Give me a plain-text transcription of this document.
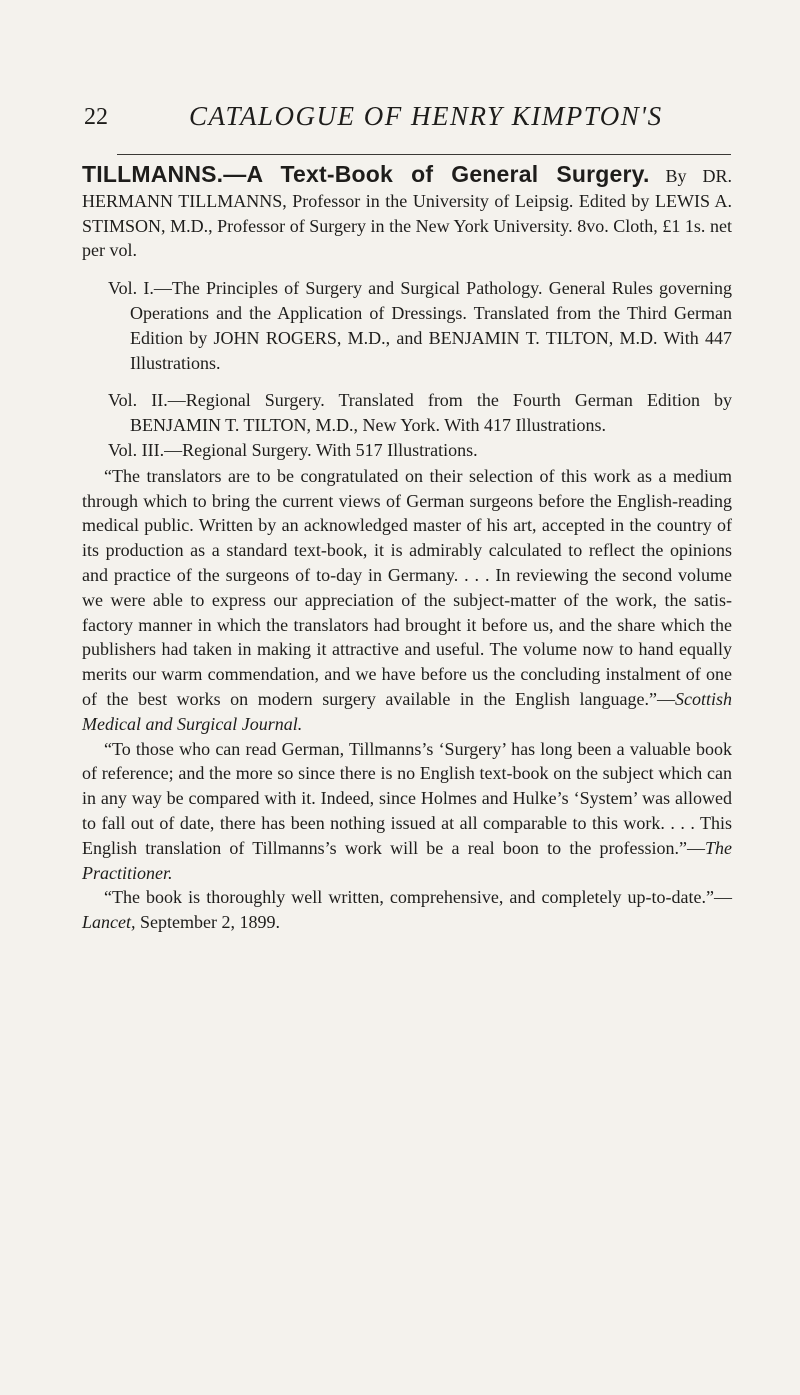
22	CATALOGUE OF HENRY KIMPTON'S

TILLMANNS.—A Text-Book of General Surgery. By DR. HERMANN TILLMANNS, Professor in the University of Leipsig. Edited by LEWIS A. STIMSON, M.D., Professor of Surgery in the New York University. 8vo. Cloth, £1 1s. net per vol.

Vol. I.—The Principles of Surgery and Surgical Pathology. General Rules governing Operations and the Application of Dressings. Translated from the Third German Edition by JOHN ROGERS, M.D., and BENJAMIN T. TILTON, M.D. With 447 Illustrations.

Vol. II.—Regional Surgery. Translated from the Fourth German Edition by BENJAMIN T. TILTON, M.D., New York. With 417 Illustrations.

Vol. III.—Regional Surgery. With 517 Illustrations.

“The translators are to be congratulated on their selection of this work as a medium through which to bring the current views of German surgeons before the English-reading medical public. Written by an acknowledged master of his art, accepted in the country of its production as a standard text-book, it is admirably calculated to reflect the opinions and practice of the surgeons of to-day in Germany. . . . In reviewing the second volume we were able to express our appreciation of the subject-matter of the work, the satisfactory manner in which the translators had brought it before us, and the share which the publishers had taken in making it attractive and useful. The volume now to hand equally merits our warm commendation, and we have before us the concluding instalment of one of the best works on modern surgery available in the English language.”—Scottish Medical and Surgical Journal.

“To those who can read German, Tillmanns’s ‘Surgery’ has long been a valuable book of reference; and the more so since there is no English text-book on the subject which can in any way be compared with it. Indeed, since Holmes and Hulke’s ‘System’ was allowed to fall out of date, there has been nothing issued at all comparable to this work. . . . This English translation of Tillmanns’s work will be a real boon to the profession.”—The Practitioner.

“The book is thoroughly well written, comprehensive, and completely up-to-date.”—Lancet, September 2, 1899.
